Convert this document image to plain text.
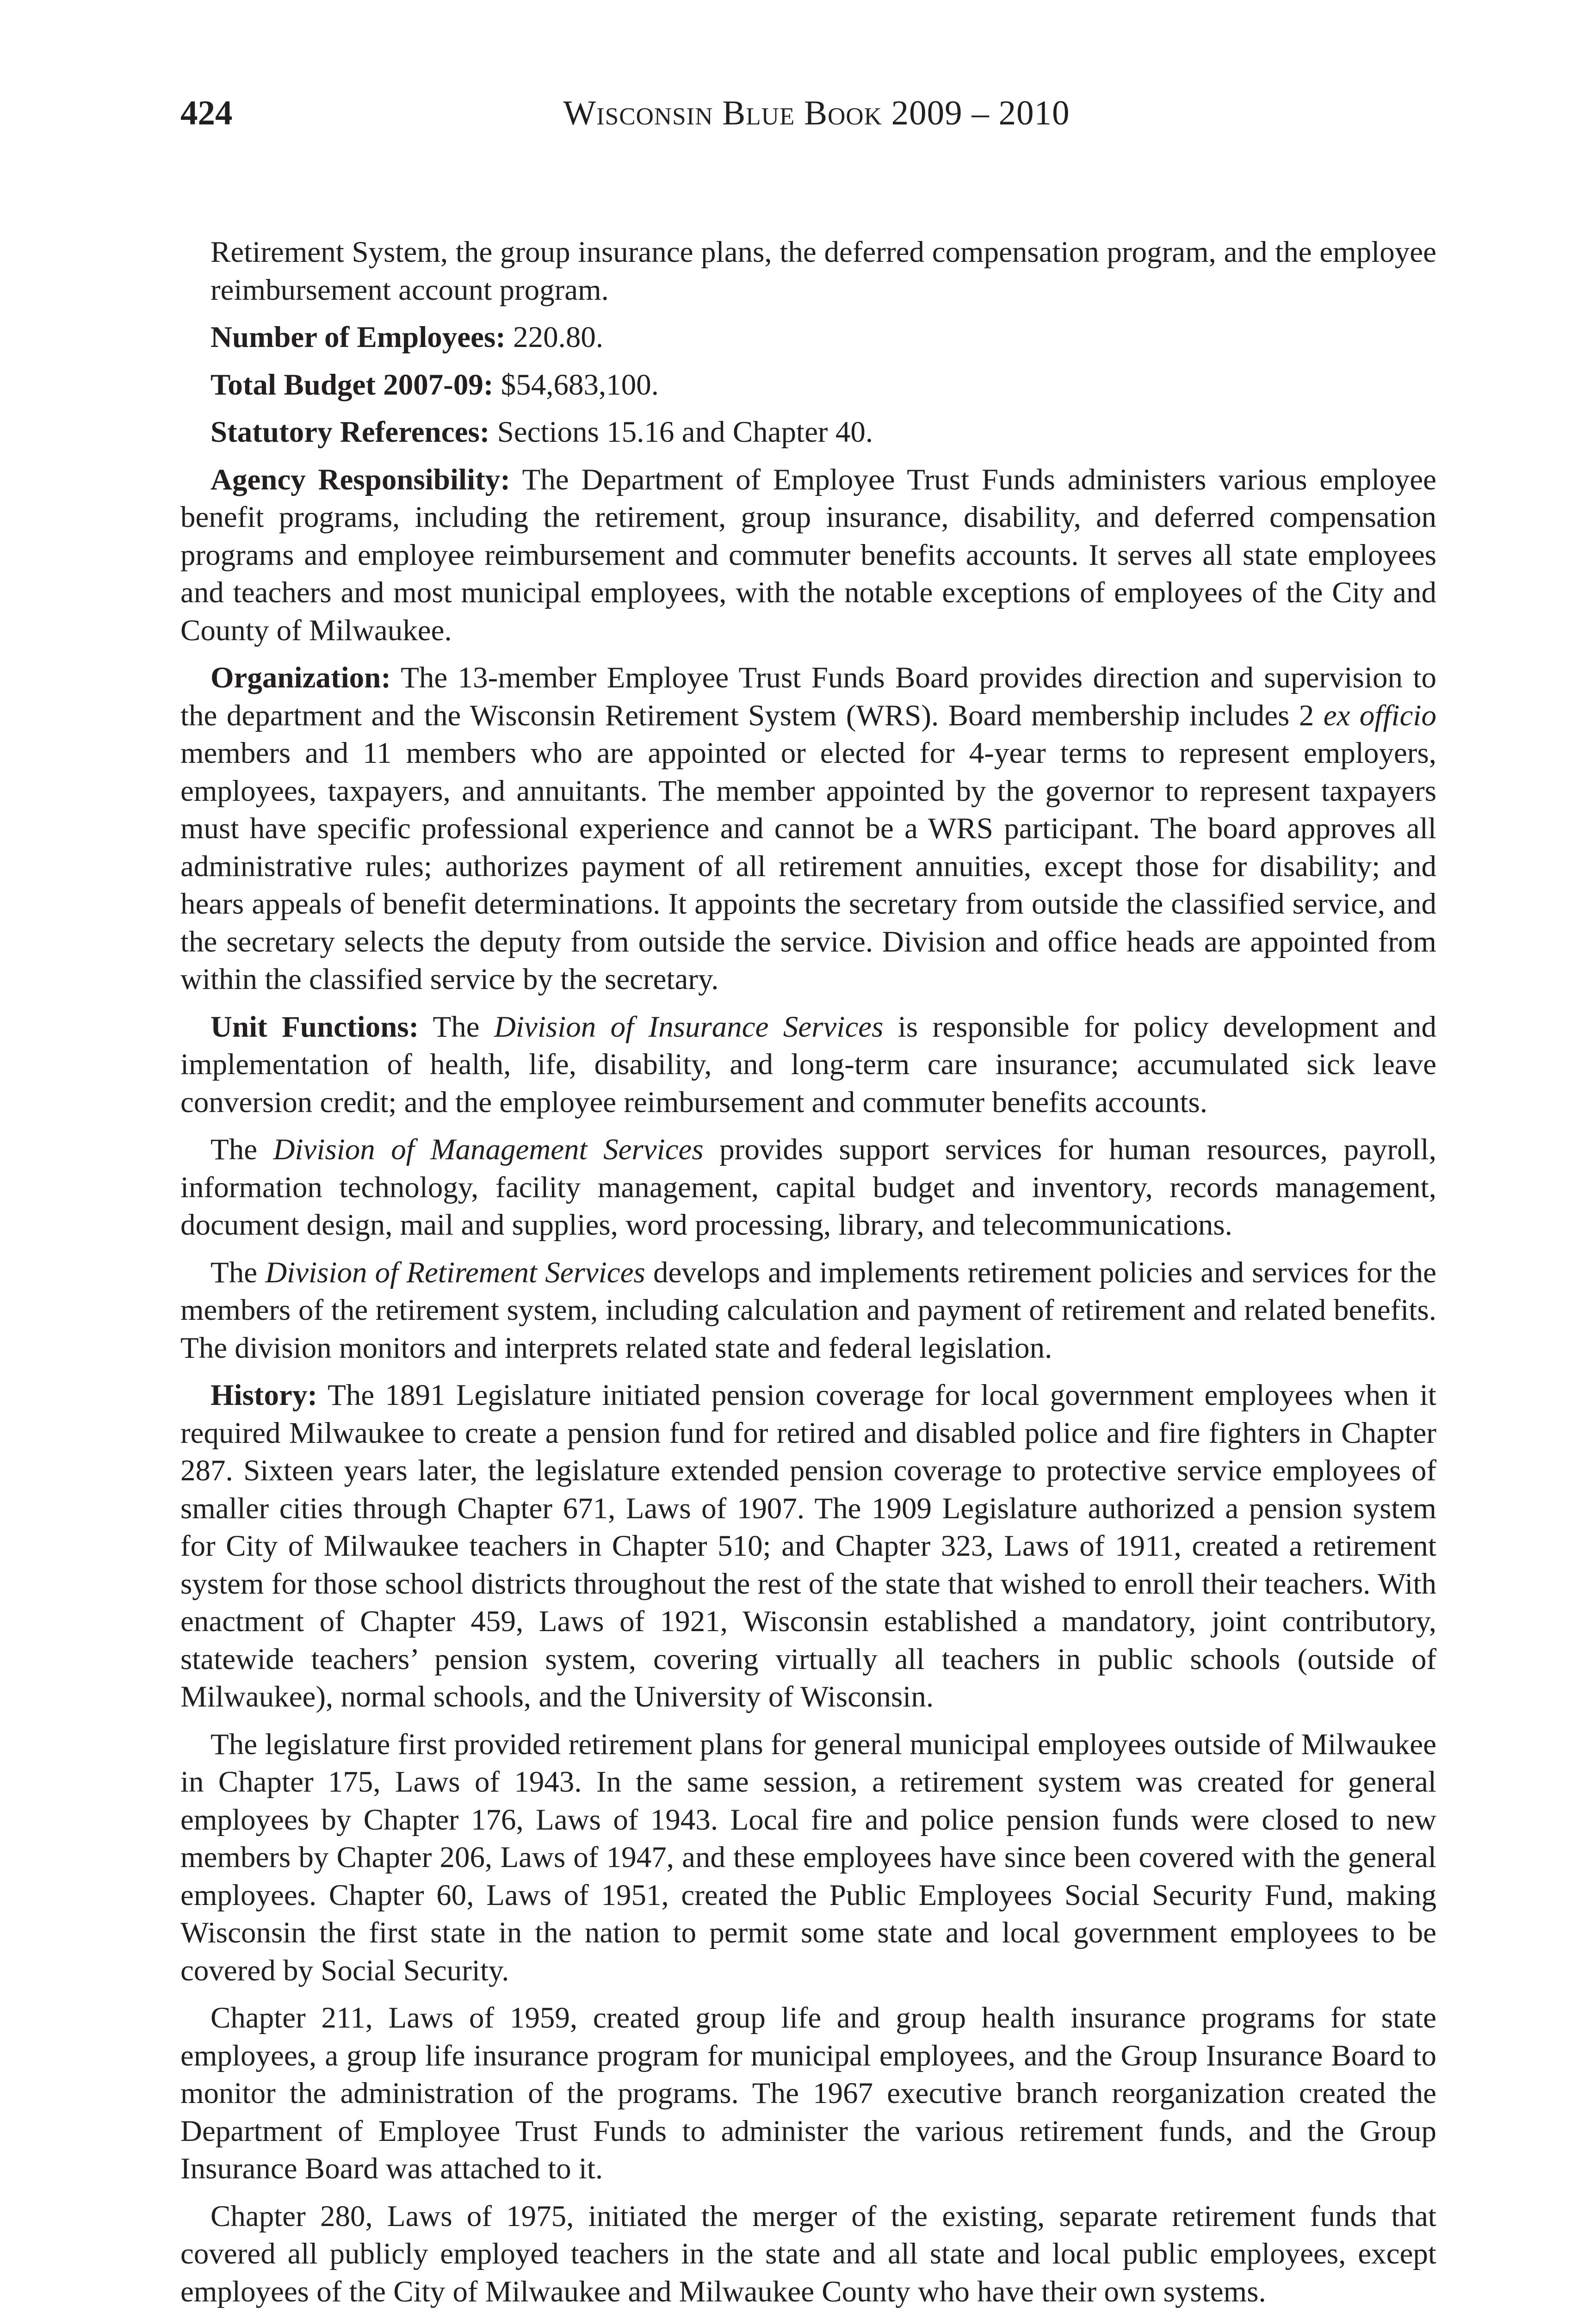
424	Wisconsin Blue Book 2009 – 2010

Retirement System, the group insurance plans, the deferred compensation program, and the employee reimbursement account program.

Number of Employees: 220.80.

Total Budget 2007-09: $54,683,100.

Statutory References: Sections 15.16 and Chapter 40.

Agency Responsibility: The Department of Employee Trust Funds administers various employee benefit programs, including the retirement, group insurance, disability, and deferred compensation programs and employee reimbursement and commuter benefits accounts. It serves all state employees and teachers and most municipal employees, with the notable exceptions of employees of the City and County of Milwaukee.

Organization: The 13-member Employee Trust Funds Board provides direction and supervision to the department and the Wisconsin Retirement System (WRS). Board membership includes 2 ex officio members and 11 members who are appointed or elected for 4-year terms to represent employers, employees, taxpayers, and annuitants. The member appointed by the governor to represent taxpayers must have specific professional experience and cannot be a WRS participant. The board approves all administrative rules; authorizes payment of all retirement annuities, except those for disability; and hears appeals of benefit determinations. It appoints the secretary from outside the classified service, and the secretary selects the deputy from outside the service. Division and office heads are appointed from within the classified service by the secretary.

Unit Functions: The Division of Insurance Services is responsible for policy development and implementation of health, life, disability, and long-term care insurance; accumulated sick leave conversion credit; and the employee reimbursement and commuter benefits accounts.

The Division of Management Services provides support services for human resources, payroll, information technology, facility management, capital budget and inventory, records management, document design, mail and supplies, word processing, library, and telecommunications.

The Division of Retirement Services develops and implements retirement policies and services for the members of the retirement system, including calculation and payment of retirement and related benefits. The division monitors and interprets related state and federal legislation.

History: The 1891 Legislature initiated pension coverage for local government employees when it required Milwaukee to create a pension fund for retired and disabled police and fire fighters in Chapter 287. Sixteen years later, the legislature extended pension coverage to protective service employees of smaller cities through Chapter 671, Laws of 1907. The 1909 Legislature authorized a pension system for City of Milwaukee teachers in Chapter 510; and Chapter 323, Laws of 1911, created a retirement system for those school districts throughout the rest of the state that wished to enroll their teachers. With enactment of Chapter 459, Laws of 1921, Wisconsin established a mandatory, joint contributory, statewide teachers’ pension system, covering virtually all teachers in public schools (outside of Milwaukee), normal schools, and the University of Wisconsin.

The legislature first provided retirement plans for general municipal employees outside of Milwaukee in Chapter 175, Laws of 1943. In the same session, a retirement system was created for general employees by Chapter 176, Laws of 1943. Local fire and police pension funds were closed to new members by Chapter 206, Laws of 1947, and these employees have since been covered with the general employees. Chapter 60, Laws of 1951, created the Public Employees Social Security Fund, making Wisconsin the first state in the nation to permit some state and local government employees to be covered by Social Security.

Chapter 211, Laws of 1959, created group life and group health insurance programs for state employees, a group life insurance program for municipal employees, and the Group Insurance Board to monitor the administration of the programs. The 1967 executive branch reorganization created the Department of Employee Trust Funds to administer the various retirement funds, and the Group Insurance Board was attached to it.

Chapter 280, Laws of 1975, initiated the merger of the existing, separate retirement funds that covered all publicly employed teachers in the state and all state and local public employees, except employees of the City of Milwaukee and Milwaukee County who have their own systems.
